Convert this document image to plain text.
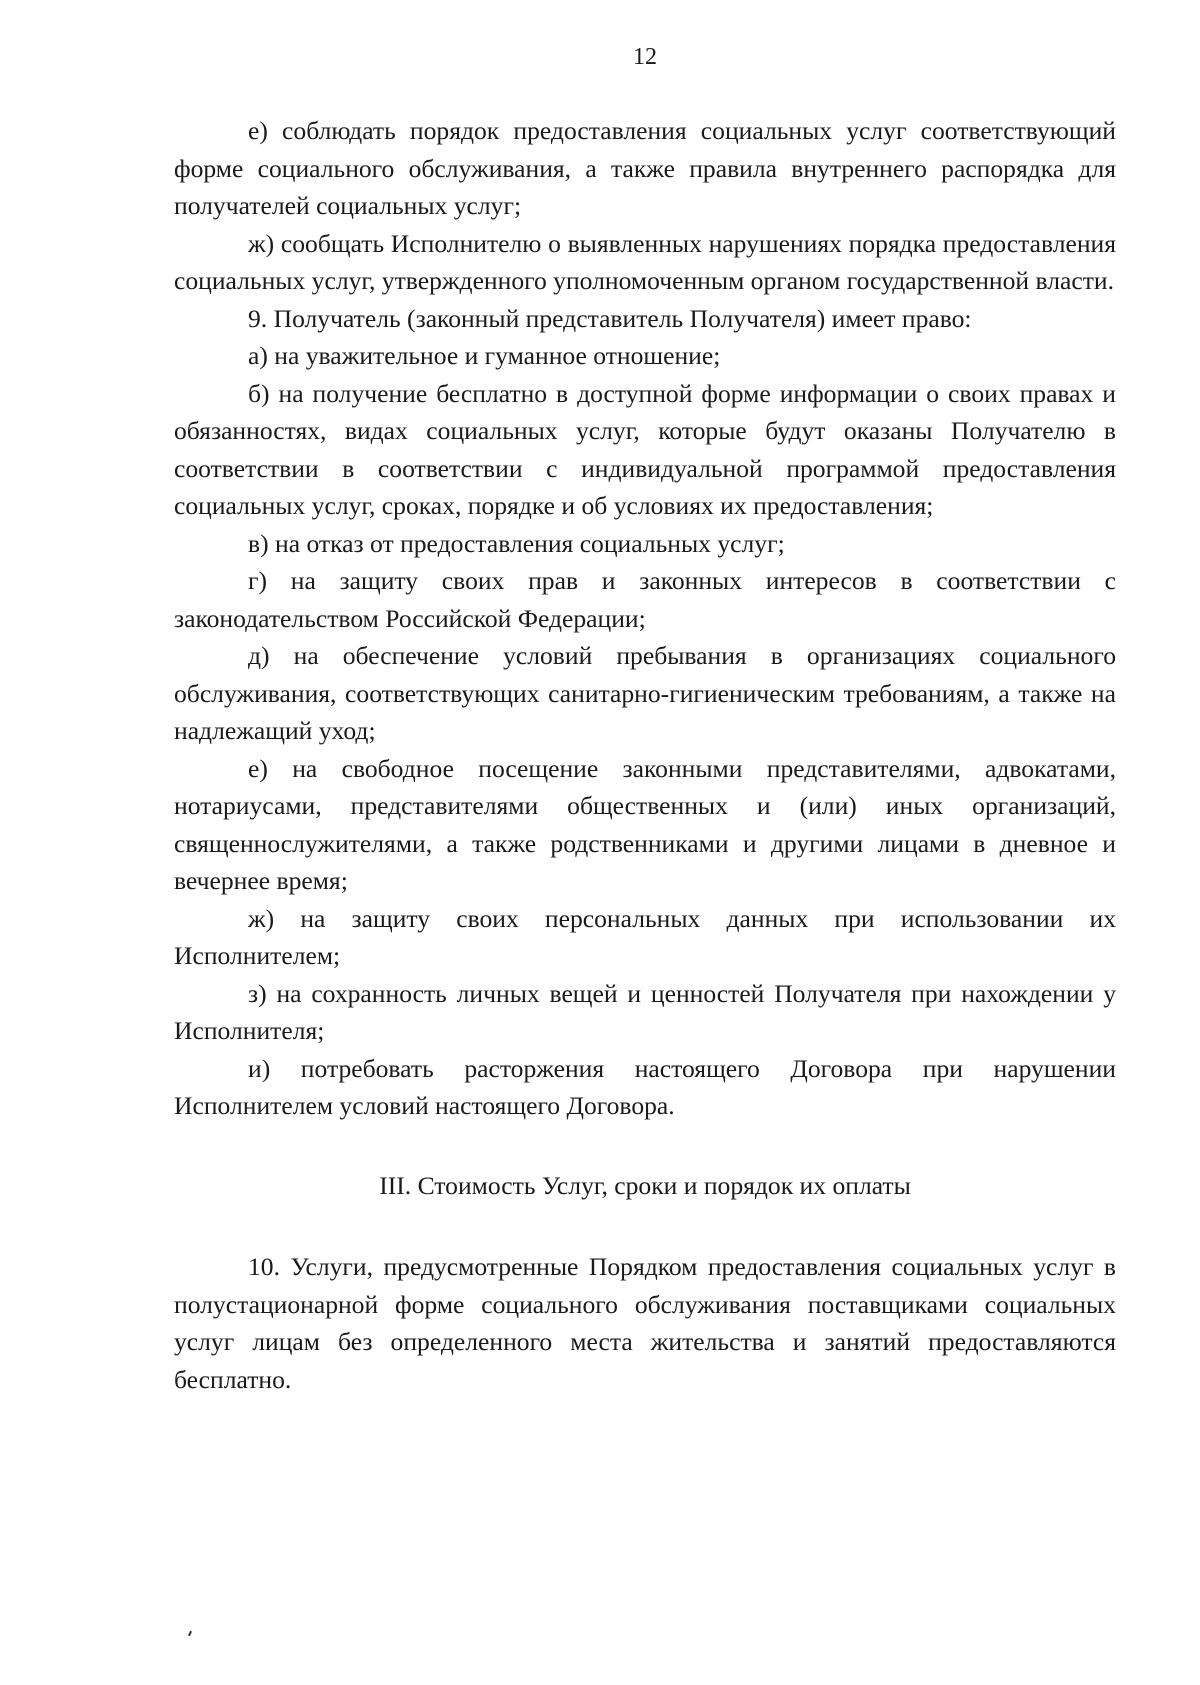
12

е) соблюдать порядок предоставления социальных услуг соответствующий форме социального обслуживания, а также правила внутреннего распорядка для получателей социальных услуг;

ж) сообщать Исполнителю о выявленных нарушениях порядка предоставления социальных услуг, утвержденного уполномоченным органом государственной власти.

9. Получатель (законный представитель Получателя) имеет право:

а) на уважительное и гуманное отношение;

б) на получение бесплатно в доступной форме информации о своих правах и обязанностях, видах социальных услуг, которые будут оказаны Получателю в соответствии в соответствии с индивидуальной программой предоставления социальных услуг, сроках, порядке и об условиях их предоставления;

в) на отказ от предоставления социальных услуг;

г) на защиту своих прав и законных интересов в соответствии с законодательством Российской Федерации;

д) на обеспечение условий пребывания в организациях социального обслуживания, соответствующих санитарно-гигиеническим требованиям, а также на надлежащий уход;

е) на свободное посещение законными представителями, адвокатами, нотариусами, представителями общественных и (или) иных организаций, священнослужителями, а также родственниками и другими лицами в дневное и вечернее время;

ж) на защиту своих персональных данных при использовании их Исполнителем;

з) на сохранность личных вещей и ценностей Получателя при нахождении у Исполнителя;

и) потребовать расторжения настоящего Договора при нарушении Исполнителем условий настоящего Договора.

III. Стоимость Услуг, сроки и порядок их оплаты

10. Услуги, предусмотренные Порядком предоставления социальных услуг в полустационарной форме социального обслуживания поставщиками социальных услуг лицам без определенного места жительства и занятий предоставляются бесплатно.
